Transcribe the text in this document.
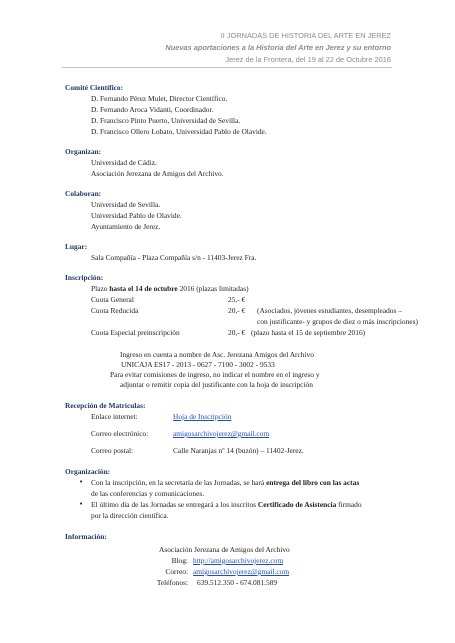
II JORNADAS DE HISTORIA DEL ARTE EN JEREZ
Nuevas aportaciones a la Historia del Arte en Jerez y su entorno
Jerez de la Frontera, del 19 al 22 de Octubre 2016
Comité Científico:
D. Fernando Pérez Mulet, Director Científico.
D. Fernando Aroca Vidanti, Coordinador.
D. Francisco Pinto Puerto, Universidad de Sevilla.
D. Francisco Ollero Lobato, Universidad Pablo de Olavide.
Organizan:
Universidad de Cádiz.
Asociación Jerezana de Amigos del Archivo.
Colaboran:
Universidad de Sevilla.
Universidad Pablo de Olavide.
Ayuntamiento de Jerez.
Lugar:
Sala Compañía - Plaza Compañía s/n - 11403-Jerez Fra.
Inscripción:
Plazo hasta el 14 de octubre 2016 (plazas limitadas)
Cuota General	25,- €
Cuota Reducida	20,- € (Asociados, jóvenes estudiantes, desempleados –
con justificante- y grupos de diez o más inscripciones)
Cuota Especial preinscripción	20,- € (plazo hasta el 15 de septiembre 2016)
Ingreso en cuenta a nombre de Asc. Jerezana Amigos del Archivo
UNICAJA ES17 - 2013 - 0627 - 7100 - 3002 - 9533
Para evitar comisiones de ingreso, no indicar el nombre en el ingreso y
adjuntar o remitir copia del justificante con la hoja de inscripción
Recepción de Matrículas:
Enlace internet:	Hoja de Inscripción
Correo electrónico:	amigosarchivojerez@gmail.com
Correo postal:	Calle Naranjas nº 14 (buzón) – 11402-Jerez.
Organización:
• Con la inscripción, en la secretaría de las Jornadas, se hará entrega del libro con las actas
de las conferencias y comunicaciones.
• El último día de las Jornadas se entregará a los inscritos Certificado de Asistencia firmado
por la dirección científica.
Información:
Asociación Jerezana de Amigos del Archivo
Blog: http://amigosarchivojerez.com
Correo: amigosarchivojerez@gmail.com
Teléfonos: 639.512.350 - 674.081.589
